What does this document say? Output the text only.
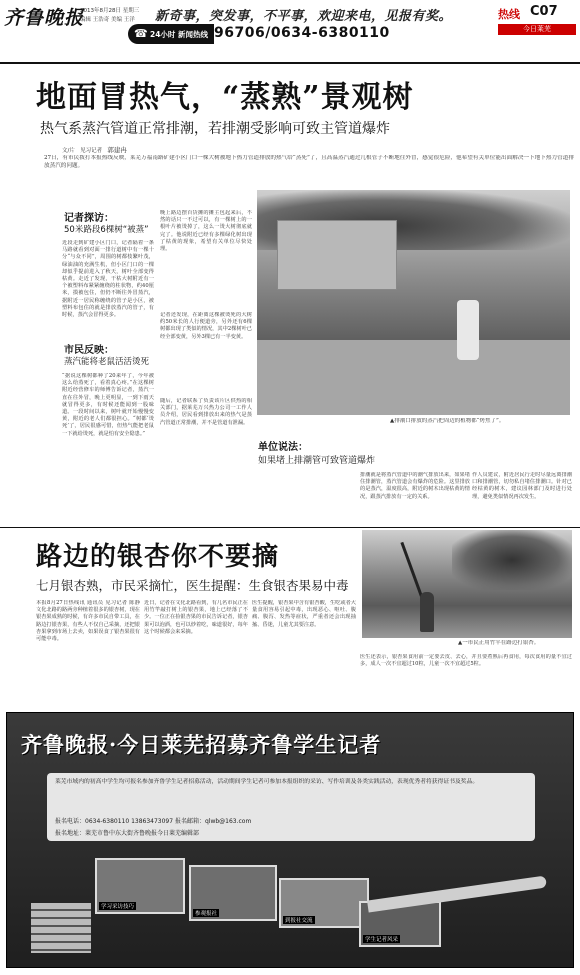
齐鲁晚报
2013年8月28日 星期三
编辑 王浩奇 美编 王洋 新奇事，突发事，不平事，欢迎来电，见报有奖。
☎ 24小时 新闻热线 96706/0634-6380110
热线 C07
今日莱芜
地面冒热气，“蒸熟”景观树
热气系蒸汽管道正常排潮，若排潮受影响可致主管道爆炸
文/片 见习记者 郭建冉
27日，有市民拨打本报热线反映，莱芜万福南路矿建小区门口一棵大树被地下热力管道排放的热气给“蒸死”了，且高温蒸汽通过几根管子不断地往外冒，感觉很危险，他希望有关单位能出面解决一下地下热力管道排放蒸汽的问题。
记者探访：
50米路段6棵树“被蒸”
近段走到矿建小区门口，记者隔着一条马路就看到对面一排行道树中有一棵十分“与众不同”，周围的树都枝繁叶茂，绿油油的充满生机，但小区门口的一棵却似乎提前进入了秋天，树叶全部变得枯黄。走近了发现，干枯大树附近有一个被塑料布紧紧缠绕的柱状物，约40厘米，摸被包住，但仍不断往外冒蒸汽，据附近一居民称缠绕的管子是小区，被塑料布包住的就是排放蒸汽的管子，有时候，蒸汽会冒得更多。
市民反映：
蒸汽能将老鼠活活烫死
“据说这棵树都种了20来年了，今年被这么给蒸死了，看着真心疼。”在这棵树附近经营修车的师傅告诉记者，蒸汽一直在往外冒，晚上更明显，一到下雨天就冒得更多，有时候还能闻到一股味道。一段时间以来，树叶就开始慢慢变黄，附近的老人们都很担心。“树都‘烫死’了，居民很感可惜，但热气能把老鼠一下就给烫死，就是怕有安全隐患。”
晚上路边摆百货摊的摊主包起来后，不然的话只一不过可以，有一棵树上的一根叶片被烫掉了，这么一烫大树彻底就完了。他说附近已经有多棵绿化树出现了枯黄的现象，希望有关单位尽快处理。
记者还发现，在距离这棵被烫死的大树约50米长的人行便道旁，另外还有6棵树都出现了类似的情况，其中2棵树叶已经全部变黄，另外3棵已有一半变黄。
随后，记者联系了负责该片区供热的相关部门，据莱芜万兴热力公司一工作人员介绍，居民看到排放出来的热气是蒸汽管道正常排潮，并不是管道有泄漏。	▲排潮口排放的蒸汽把周边的植物都“烤焦了”。
单位说法：
如果堵上排潮管可致管道爆炸
排潮就是将蒸汽管道中的潮气排放出来，如果堵住排潮管，蒸汽管道会有爆炸的危险。这里排放的是蒸汽，温度很高，附近的树木出现枯黄的情况，跟蒸汽排放有一定的关系。
作人员建议，附近居民行走时尽量远离排潮口和排潮管，切勿私自堵住排潮口。针对已经枯黄的树木，建议园林部门及时进行处理，避免类似情况再次发生。
路边的银杏你不要摘
七月银杏熟，市民采摘忙，医生提醒：生食银杏果易中毒
▲一市民正用竹竿在路边打银杏。
本报8月27日热线讯 通讯员 见习记者 陈静 文化北路的路两旁种植着很多的银杏树，现在银杏果成熟的时候，有许多市民自带工具，在路边打银杏果，有些人不仅自己采摘，还把银杏果拿到市场上去卖，如果误食了银杏果很有可能中毒。
近日，记者在文化北路看到，有几名市民正在用竹竿敲打树上的银杏果，地上已经落了不少。一位正在捡银杏果的市民告诉记者，银杏果可以泡酒，也可以炒着吃，味道很好，每年这个时候都会来采摘。
医生提醒，银杏果中含有银杏酸，生吃或者大量食用容易引起中毒，出现恶心、呕吐、腹痛、腹泻、发热等症状，严重者还会出现抽搐、昏迷，儿童尤其要注意。
医生还表示，银杏果食用前一定要去皮、去心，并且要煮熟后再食用，每次食用的量不宜过多，成人一次不宜超过10粒，儿童一次不宜超过5粒。
齐鲁晚报·今日莱芜招募齐鲁学生记者
莱芜市域内的初高中学生均可报名参加齐鲁学生记者招募活动，活动期间学生记者可参加本报组织的采访、写作培训及各类实践活动，表现优秀者将获得证书及奖品。
报名电话：0634-6380110 13863473097 报名邮箱：qlwb@163.com
报名地址：莱芜市鲁中东大街齐鲁晚报今日莱芜编辑部
学习采访技巧
参观报社
到报社交流
学生记者风采
